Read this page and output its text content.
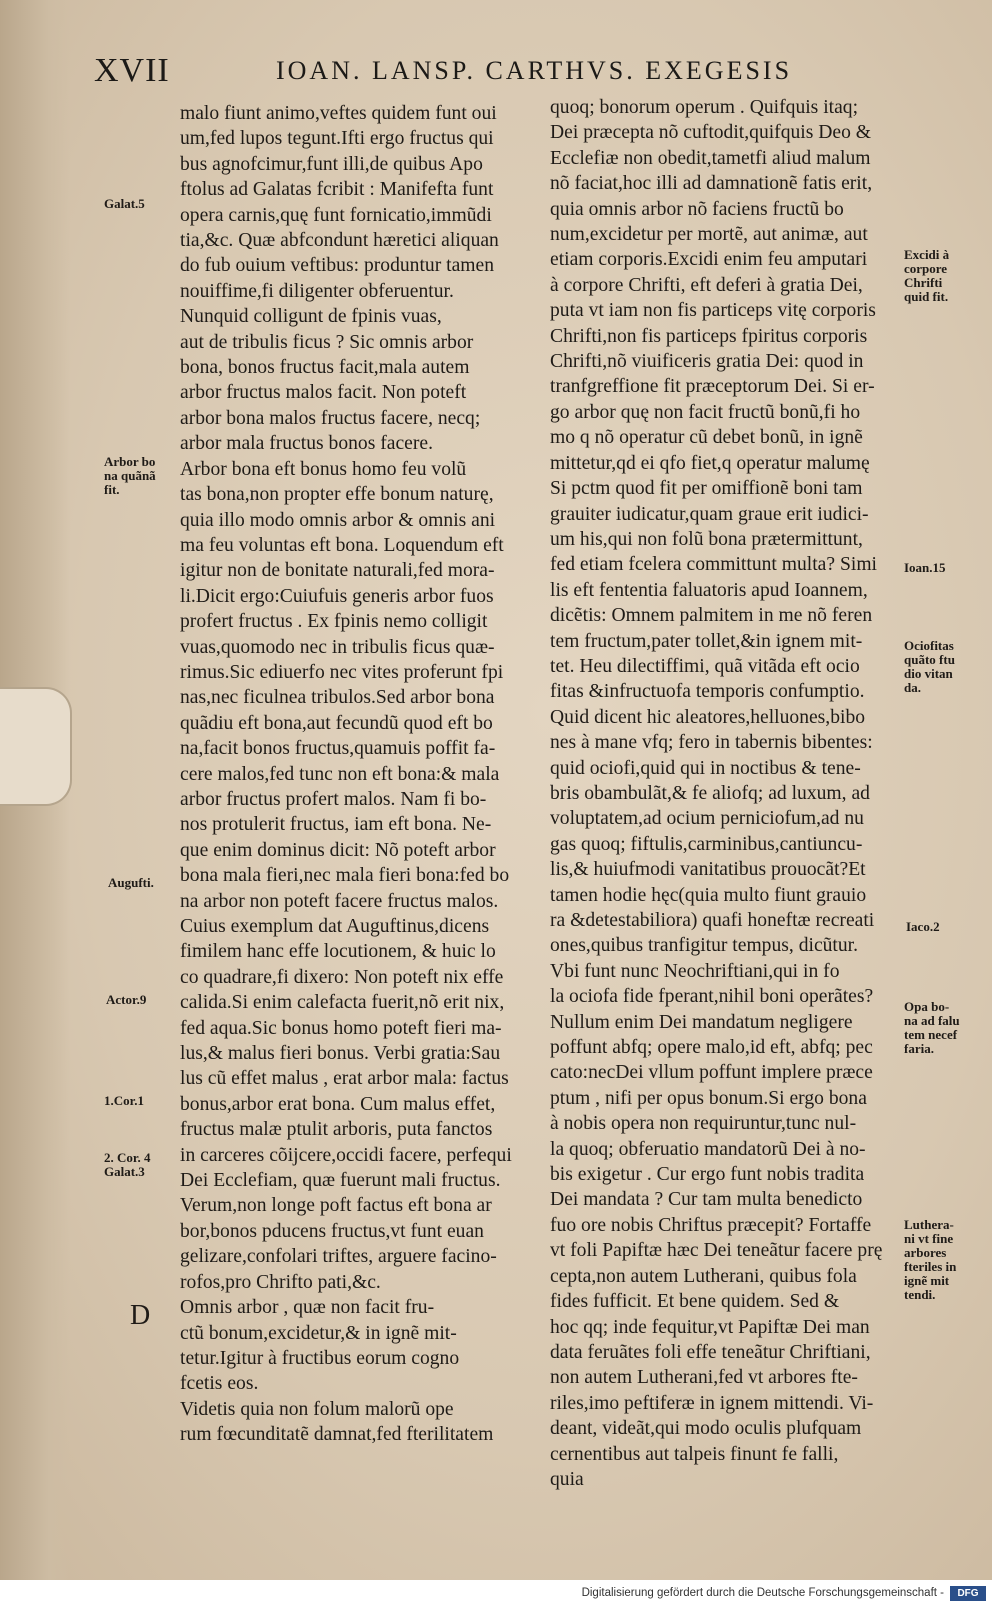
XVII	IOAN. LANSP. CARTHVS. EXEGESIS
malo fiunt animo,veftes quidem funt oui
um,fed lupos tegunt.Ifti ergo fructus qui
bus agnofcimur,funt illi,de quibus Apo
ftolus ad Galatas fcribit : Manifefta funt
opera carnis,quę funt fornicatio,immũdi
tia,&c. Quæ abfcondunt hæretici aliquan
do fub ouium veftibus: produntur tamen
nouiffime,fi diligenter obferuentur.
Nunquid colligunt de fpinis vuas,
aut de tribulis ficus ? Sic omnis arbor
bona, bonos fructus facit,mala autem
arbor fructus malos facit. Non poteft
arbor bona malos fructus facere, necq;
arbor mala fructus bonos facere.
Arbor bona eft bonus homo feu volũ
tas bona,non propter effe bonum naturę,
quia illo modo omnis arbor & omnis ani
ma feu voluntas eft bona. Loquendum eft
igitur non de bonitate naturali,fed mora-
li.Dicit ergo:Cuiufuis generis arbor fuos
profert fructus . Ex fpinis nemo colligit
vuas,quomodo nec in tribulis ficus quæ-
rimus.Sic ediuerfo nec vites proferunt fpi
nas,nec ficulnea tribulos.Sed arbor bona
quãdiu eft bona,aut fecundũ quod eft bo
na,facit bonos fructus,quamuis poffit fa-
cere malos,fed tunc non eft bona:& mala
arbor fructus profert malos. Nam fi bo-
nos protulerit fructus, iam eft bona. Ne-
que enim dominus dicit: Nõ poteft arbor
bona mala fieri,nec mala fieri bona:fed bo
na arbor non poteft facere fructus malos.
Cuius exemplum dat Auguftinus,dicens
fimilem hanc effe locutionem, & huic lo
co quadrare,fi dixero: Non poteft nix effe
calida.Si enim calefacta fuerit,nõ erit nix,
fed aqua.Sic bonus homo poteft fieri ma-
lus,& malus fieri bonus. Verbi gratia:Sau
lus cũ effet malus , erat arbor mala: factus
bonus,arbor erat bona. Cum malus effet,
fructus malæ ptulit arboris, puta fanctos
in carceres cõijcere,occidi facere, perfequi
Dei Ecclefiam, quæ fuerunt mali fructus.
Verum,non longe poft factus eft bona ar
bor,bonos pducens fructus,vt funt euan
gelizare,confolari triftes, arguere facino-
rofos,pro Chrifto pati,&c.
Omnis arbor , quæ non facit fru-
ctũ bonum,excidetur,& in ignẽ mit-
tetur.Igitur à fructibus eorum cogno
fcetis eos.
Videtis quia non folum malorũ ope
rum fœcunditatẽ damnat,fed fterilitatem
quoq; bonorum operum . Quifquis itaq;
Dei præcepta nõ cuftodit,quifquis Deo &
Ecclefiæ non obedit,tametfi aliud malum
nõ faciat,hoc illi ad damnationẽ fatis erit,
quia omnis arbor nõ faciens fructũ bo
num,excidetur per mortẽ, aut animæ, aut
etiam corporis.Excidi enim feu amputari
à corpore Chrifti, eft deferi à gratia Dei,
puta vt iam non fis particeps vitę corporis
Chrifti,non fis particeps fpiritus corporis
Chrifti,nõ viuificeris gratia Dei: quod in
tranfgreffione fit præceptorum Dei. Si er-
go arbor quę non facit fructũ bonũ,fi ho
mo q nõ operatur cũ debet bonũ, in ignẽ
mittetur,qd ei qfo fiet,q operatur malumę
Si pctm quod fit per omiffionẽ boni tam
grauiter iudicatur,quam graue erit iudici-
um his,qui non folũ bona prætermittunt,
fed etiam fcelera committunt multa? Simi
lis eft fententia faluatoris apud Ioannem,
dicẽtis: Omnem palmitem in me nõ feren
tem fructum,pater tollet,&in ignem mit-
tet. Heu dilectiffimi, quã vitãda eft ocio
fitas &infructuofa temporis confumptio.
Quid dicent hic aleatores,helluones,bibo
nes à mane vfq; fero in tabernis bibentes:
quid ociofi,quid qui in noctibus & tene-
bris obambulãt,& fe aliofq; ad luxum, ad
voluptatem,ad ocium perniciofum,ad nu
gas quoq; fiftulis,carminibus,cantiuncu-
lis,& huiufmodi vanitatibus prouocãt?Et
tamen hodie hęc(quia multo fiunt grauio
ra &detestabiliora) quafi honeftæ recreati
ones,quibus tranfigitur tempus, dicũtur.
Vbi funt nunc Neochriftiani,qui in fo
la ociofa fide fperant,nihil boni operãtes?
Nullum enim Dei mandatum negligere
poffunt abfq; opere malo,id eft, abfq; pec
cato:necDei vllum poffunt implere præce
ptum , nifi per opus bonum.Si ergo bona
à nobis opera non requiruntur,tunc nul-
la quoq; obferuatio mandatorũ Dei à no-
bis exigetur . Cur ergo funt nobis tradita
Dei mandata ? Cur tam multa benedicto
fuo ore nobis Chriftus præcepit? Fortaffe
vt foli Papiftæ hæc Dei teneãtur facere prę
cepta,non autem Lutherani, quibus fola
fides fufficit. Et bene quidem. Sed &
hoc qq; inde fequitur,vt Papiftæ Dei man
data feruãtes foli effe teneãtur Chriftiani,
non autem Lutherani,fed vt arbores fte-
riles,imo peftiferæ in ignem mittendi. Vi-
deant, videãt,qui modo oculis plufquam
cernentibus aut talpeis finunt fe falli,
quia
Galat.5
Arbor bo
na quãnã
fit.
Augufti.
Actor.9
1.Cor.1
2. Cor. 4
Galat.3
Excidi à
corpore
Chrifti
quid fit.
Ioan.15
Ociofitas
quãto ftu
dio vitan
da.
Iaco.2
Opa bo-
na ad falu
tem necef
faria.
Luthera-
ni vt fine
arbores
fteriles in
ignẽ mit
tendi.
D
Digitalisierung gefördert durch die Deutsche Forschungsgemeinschaft -	DFG
